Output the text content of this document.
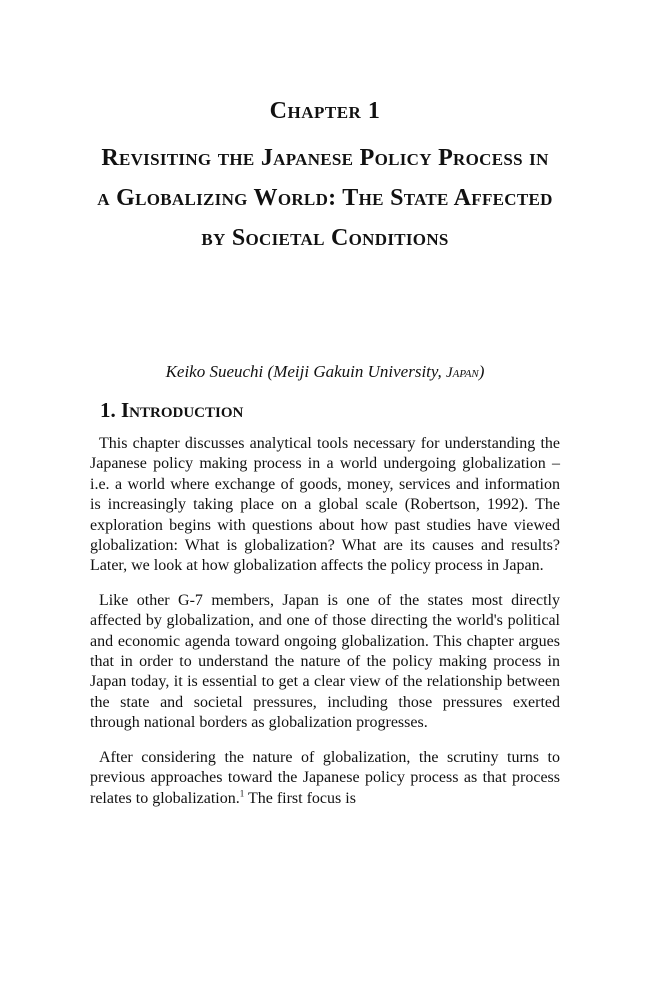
Chapter 1
Revisiting the Japanese Policy Process in
a Globalizing World: The State Affected
by Societal Conditions
Keiko Sueuchi (Meiji Gakuin University, Japan)
1. Introduction

This chapter discusses analytical tools necessary for understanding the Japanese policy making process in a world undergoing globalization – i.e. a world where exchange of goods, money, services and information is increasingly taking place on a global scale (Robertson, 1992). The exploration begins with questions about how past studies have viewed globalization: What is globalization? What are its causes and results? Later, we look at how globalization affects the policy process in Japan.

Like other G-7 members, Japan is one of the states most directly affected by globalization, and one of those directing the world's political and economic agenda toward ongoing globalization. This chapter argues that in order to understand the nature of the policy making process in Japan today, it is essential to get a clear view of the relationship between the state and societal pressures, including those pressures exerted through national borders as globalization progresses.

After considering the nature of globalization, the scrutiny turns to previous approaches toward the Japanese policy process as that process relates to globalization.$^1$ The first focus is
